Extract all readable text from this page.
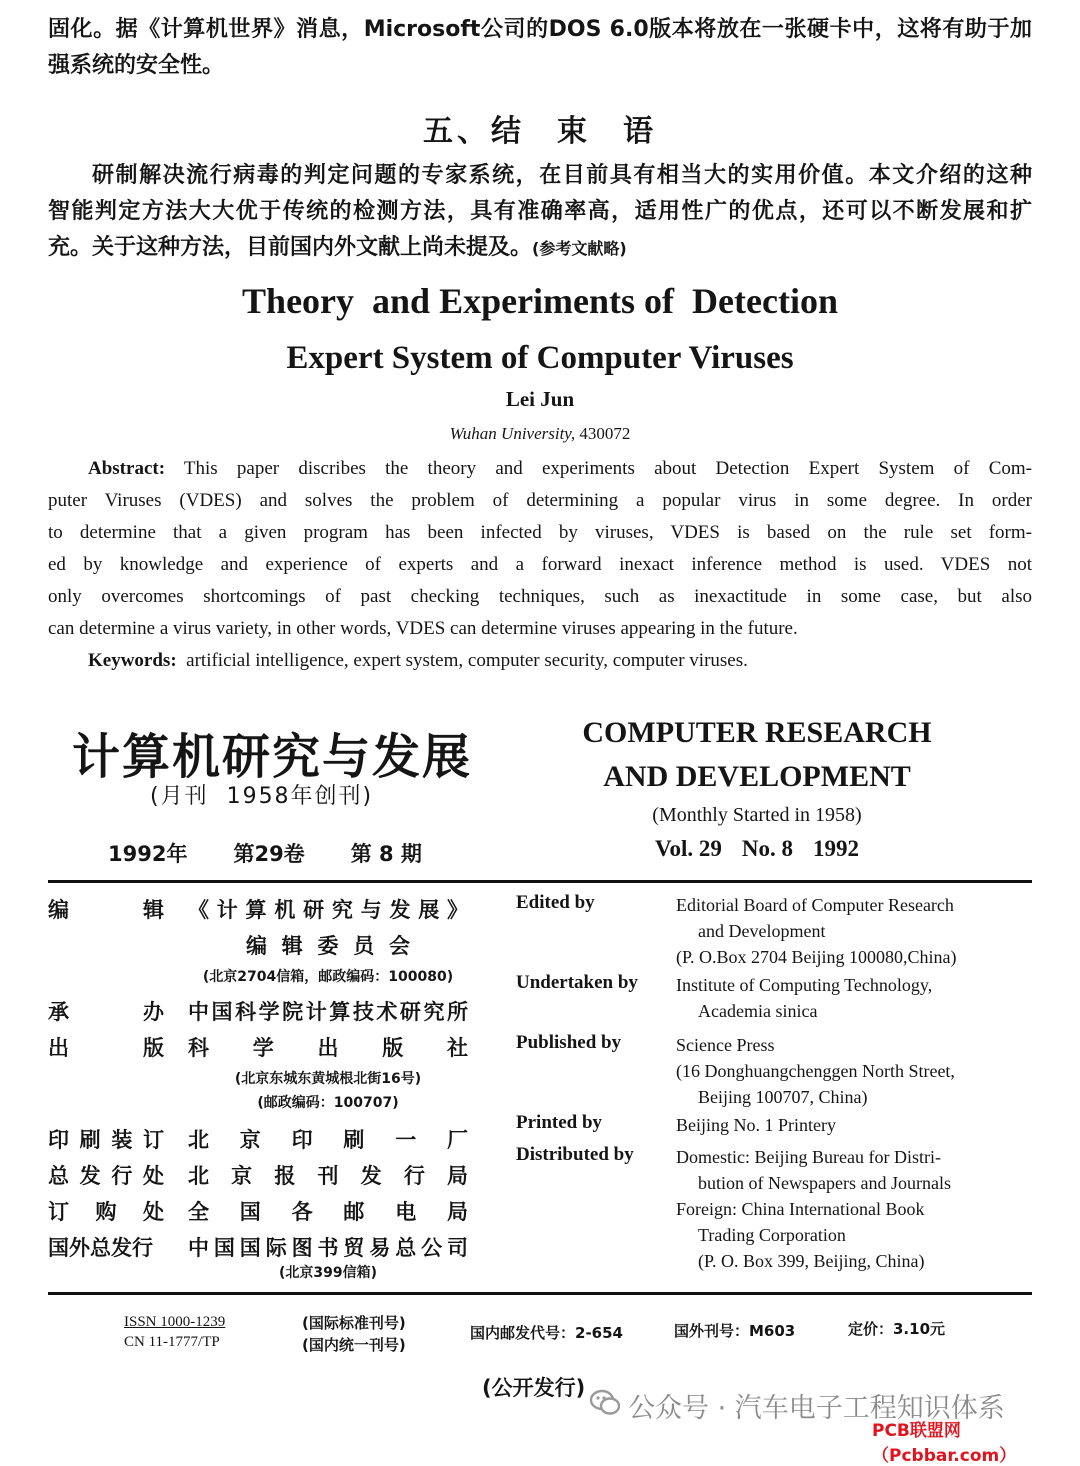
固化。据《计算机世界》消息，Microsoft公司的DOS 6.0版本将放在一张硬卡中，这将有助于加
强系统的安全性。
五、结 束 语
研制解决流行病毒的判定问题的专家系统，在目前具有相当大的实用价值。本文介绍的这种
智能判定方法大大优于传统的检测方法，具有准确率高，适用性广的优点，还可以不断发展和扩
充。关于这种方法，目前国内外文献上尚未提及。(参考文献略)
Theory  and Experiments of  Detection
Expert System of Computer Viruses
Lei Jun
Wuhan University, 430072
Abstract: This paper discribes the theory and experiments about Detection Expert System of Com-
puter Viruses (VDES) and solves the problem of determining a popular virus in some degree. In order
to determine that a given program has been infected by viruses, VDES is based on the rule set form-
ed by knowledge and experience of experts and a forward inexact inference method is used. VDES not
only overcomes shortcomings of past checking techniques, such as inexactitude in some case, but also
can determine a virus variety, in other words, VDES can determine viruses appearing in the future.
Keywords: artificial intelligence, expert system, computer security, computer viruses.
计算机研究与发展
(月刊  1958年创刊)
1992年 第29卷 第 8 期
COMPUTER RESEARCH
AND DEVELOPMENT
(Monthly Started in 1958)
Vol. 29 No. 8 1992
编　辑 《计算机研究与发展》
编辑委员会
(北京2704信箱，邮政编码：100080)
承　办 中国科学院计算技术研究所
出　版 科学出版社
(北京东城东黄城根北街16号)
(邮政编码：100707)
印刷装订 北京印刷一厂
总发行处 北京报刊发行局
订购处 全国各邮电局
国外总发行	中国国际图书贸易总公司
(北京399信箱)
Edited by	Editorial Board of Computer Research
and Development
(P. O.Box 2704 Beijing 100080,China)
Undertaken by Institute of Computing Technology,
Academia sinica
Published by	Science Press
(16 Donghuangchenggen North Street,
Beijing 100707, China)
Printed by	Beijing No. 1 Printery
Distributed by Domestic: Beijing Bureau for Distri-
bution of Newspapers and Journals
Foreign: China International Book
Trading Corporation
(P. O. Box 399, Beijing, China)
ISSN 1000-1239
CN 11-1777/TP
(国际标准刊号)
(国内统一刊号)
国内邮发代号：2-654	国外刊号：M603	定价：3.10元
(公开发行)
公众号 · 汽车电子工程知识体系
PCB联盟网（Pcbbar.com）
